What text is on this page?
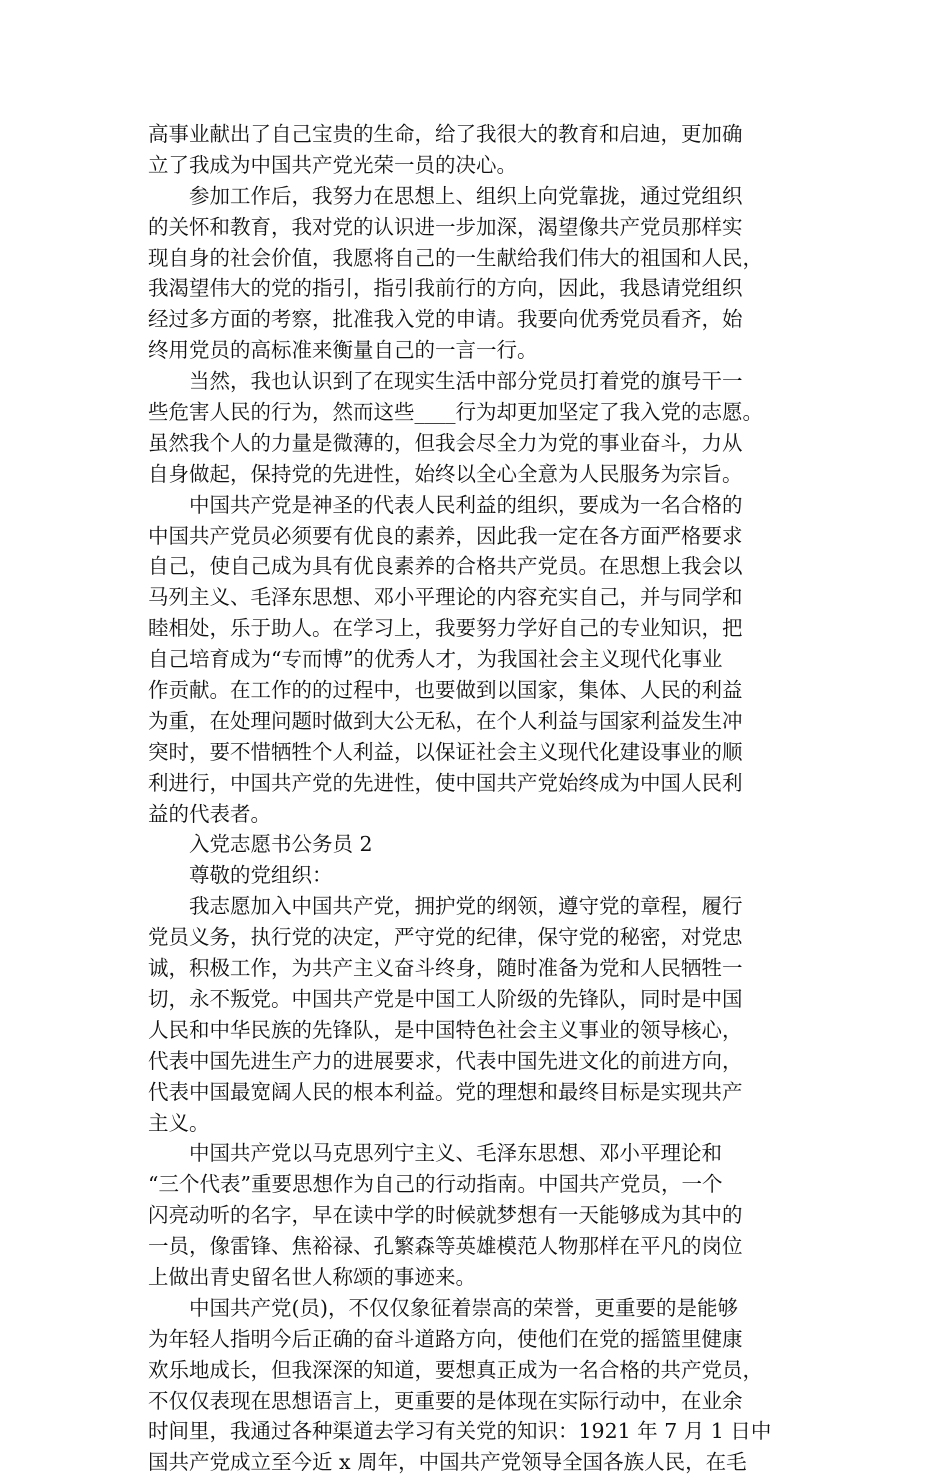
高事业献出了自己宝贵的生命，给了我很大的教育和启迪，更加确
立了我成为中国共产党光荣一员的决心。
　　参加工作后，我努力在思想上、组织上向党靠拢，通过党组织
的关怀和教育，我对党的认识进一步加深，渴望像共产党员那样实
现自身的社会价值，我愿将自己的一生献给我们伟大的祖国和人民，
我渴望伟大的党的指引，指引我前行的方向，因此，我恳请党组织
经过多方面的考察，批准我入党的申请。我要向优秀党员看齐，始
终用党员的高标准来衡量自己的一言一行。
　　当然，我也认识到了在现实生活中部分党员打着党的旗号干一
些危害人民的行为，然而这些____行为却更加坚定了我入党的志愿。
虽然我个人的力量是微薄的，但我会尽全力为党的事业奋斗，力从
自身做起，保持党的先进性，始终以全心全意为人民服务为宗旨。
　　中国共产党是神圣的代表人民利益的组织，要成为一名合格的
中国共产党员必须要有优良的素养，因此我一定在各方面严格要求
自己，使自己成为具有优良素养的合格共产党员。在思想上我会以
马列主义、毛泽东思想、邓小平理论的内容充实自己，并与同学和
睦相处，乐于助人。在学习上，我要努力学好自己的专业知识，把
自己培育成为“专而博”的优秀人才，为我国社会主义现代化事业
作贡献。在工作的的过程中，也要做到以国家，集体、人民的利益
为重，在处理问题时做到大公无私，在个人利益与国家利益发生冲
突时，要不惜牺牲个人利益，以保证社会主义现代化建设事业的顺
利进行，中国共产党的先进性，使中国共产党始终成为中国人民利
益的代表者。
　　入党志愿书公务员 2
　　尊敬的党组织：
　　我志愿加入中国共产党，拥护党的纲领，遵守党的章程，履行
党员义务，执行党的决定，严守党的纪律，保守党的秘密，对党忠
诚，积极工作，为共产主义奋斗终身，随时准备为党和人民牺牲一
切，永不叛党。中国共产党是中国工人阶级的先锋队，同时是中国
人民和中华民族的先锋队，是中国特色社会主义事业的领导核心，
代表中国先进生产力的进展要求，代表中国先进文化的前进方向，
代表中国最宽阔人民的根本利益。党的理想和最终目标是实现共产
主义。
　　中国共产党以马克思列宁主义、毛泽东思想、邓小平理论和
“三个代表”重要思想作为自己的行动指南。中国共产党员，一个
闪亮动听的名字，早在读中学的时候就梦想有一天能够成为其中的
一员，像雷锋、焦裕禄、孔繁森等英雄模范人物那样在平凡的岗位
上做出青史留名世人称颂的事迹来。
　　中国共产党(员)，不仅仅象征着崇高的荣誉，更重要的是能够
为年轻人指明今后正确的奋斗道路方向，使他们在党的摇篮里健康
欢乐地成长，但我深深的知道，要想真正成为一名合格的共产党员，
不仅仅表现在思想语言上，更重要的是体现在实际行动中，在业余
时间里，我通过各种渠道去学习有关党的知识：1921 年 7 月 1 日中
国共产党成立至今近 x 周年，中国共产党领导全国各族人民，在毛
